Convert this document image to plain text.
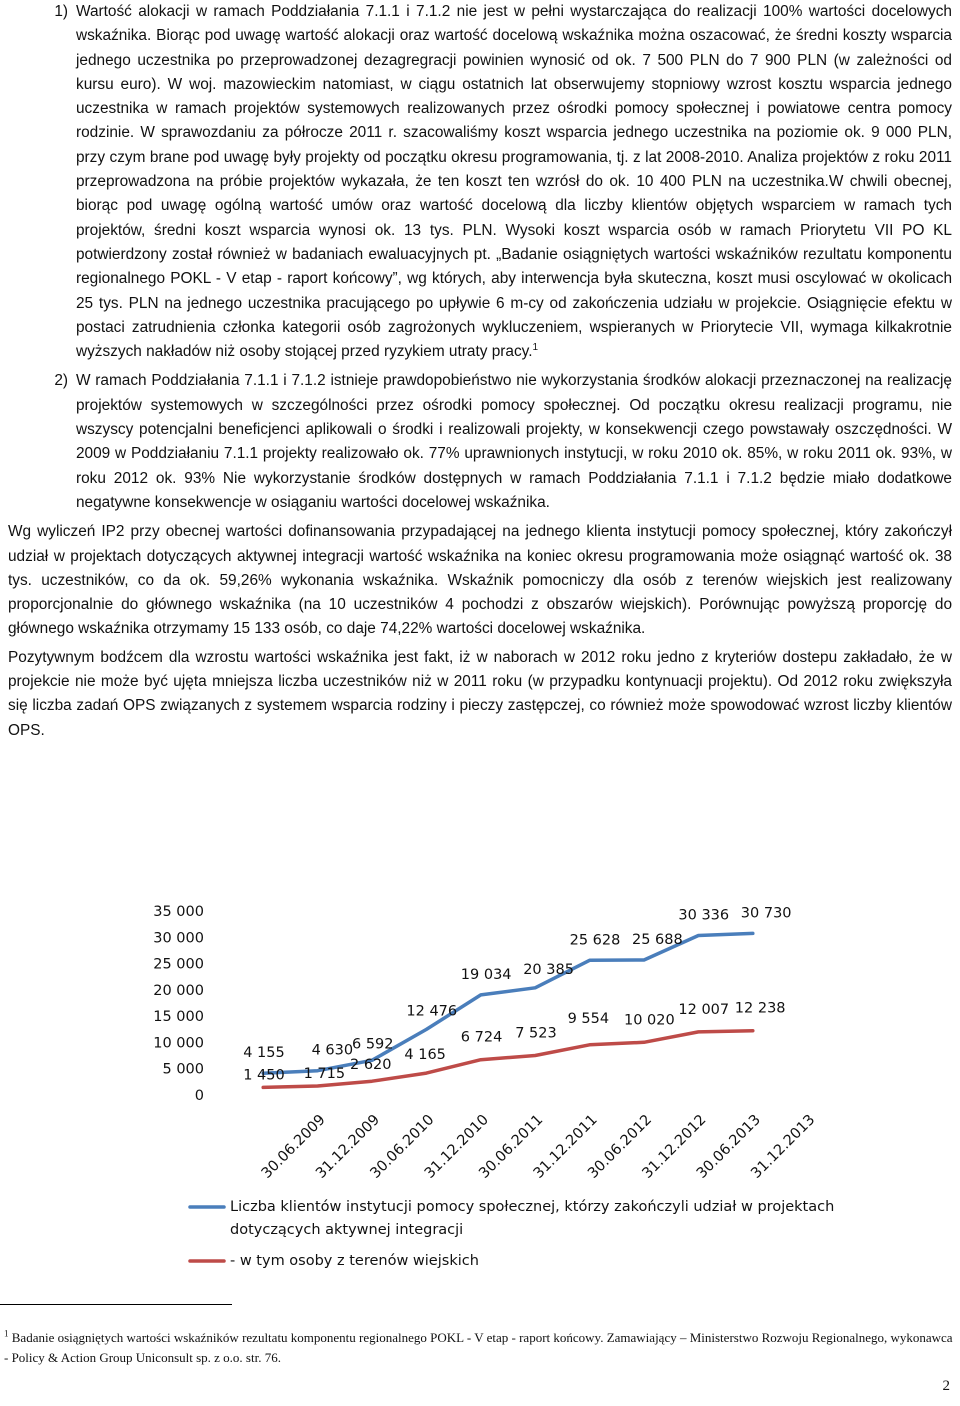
1) Wartość alokacji w ramach Poddziałania 7.1.1 i 7.1.2 nie jest w pełni wystarczająca do realizacji 100% wartości docelowych wskaźnika. Biorąc pod uwagę wartość alokacji oraz wartość docelową wskaźnika można oszacować, że średni koszty wsparcia jednego uczestnika po przeprowadzonej dezagregracji powinien wynosić od ok. 7 500 PLN do 7 900 PLN (w zależności od kursu euro). W woj. mazowieckim natomiast, w ciągu ostatnich lat obserwujemy stopniowy wzrost kosztu wsparcia jednego uczestnika w ramach projektów systemowych realizowanych przez ośrodki pomocy społecznej i powiatowe centra pomocy rodzinie. W sprawozdaniu za półrocze 2011 r. szacowaliśmy koszt wsparcia jednego uczestnika na poziomie ok. 9 000 PLN, przy czym brane pod uwagę były projekty od początku okresu programowania, tj. z lat 2008-2010. Analiza projektów z roku 2011 przeprowadzona na próbie projektów wykazała, że ten koszt ten wzrósł do ok. 10 400 PLN na uczestnika.W chwili obecnej, biorąc pod uwagę ogólną wartość umów oraz wartość docelową dla liczby klientów objętych wsparciem w ramach tych projektów, średni koszt wsparcia wynosi ok. 13 tys. PLN. Wysoki koszt wsparcia osób w ramach Priorytetu VII PO KL potwierdzony został również w badaniach ewaluacyjnych pt. „Badanie osiągniętych wartości wskaźników rezultatu komponentu regionalnego POKL - V etap - raport końcowy”, wg których, aby interwencja była skuteczna, koszt musi oscylować w okolicach 25 tys. PLN na jednego uczestnika pracującego po upływie 6 m-cy od zakończenia udziału w projekcie. Osiągnięcie efektu w postaci zatrudnienia członka kategorii osób zagrożonych wykluczeniem, wspieranych w Priorytecie VII, wymaga kilkakrotnie wyższych nakładów niż osoby stojącej przed ryzykiem utraty pracy.$^1$

2) W ramach Poddziałania 7.1.1 i 7.1.2 istnieje prawdopobieństwo nie wykorzystania środków alokacji przeznaczonej na realizację projektów systemowych w szczególności przez ośrodki pomocy społecznej. Od początku okresu realizacji programu, nie wszyscy potencjalni beneficjenci aplikowali o środki i realizowali projekty, w konsekwencji czego powstawały oszczędności. W 2009 w Poddziałaniu 7.1.1 projekty realizowało ok. 77% uprawnionych instytucji, w roku 2010 ok. 85%, w roku 2011 ok. 93%, w roku 2012 ok. 93% Nie wykorzystanie środków dostępnych w ramach Poddziałania 7.1.1 i 7.1.2 będzie miało dodatkowe negatywne konsekwencje w osiąganiu wartości docelowej wskaźnika.

Wg wyliczeń IP2 przy obecnej wartości dofinansowania przypadającej na jednego klienta instytucji pomocy społecznej, który zakończył udział w projektach dotyczących aktywnej integracji wartość wskaźnika na koniec okresu programowania może osiągnąć wartość ok. 38 tys. uczestników, co da ok. 59,26% wykonania wskaźnika. Wskaźnik pomocniczy dla osób z terenów wiejskich jest realizowany proporcjonalnie do głównego wskaźnika (na 10 uczestników 4 pochodzi z obszarów wiejskich). Porównując powyższą proporcję do głównego wskaźnika otrzymamy 15 133 osób, co daje 74,22% wartości docelowej wskaźnika.

Pozytywnym bodźcem dla wzrostu wartości wskaźnika jest fakt, iż w naborach w 2012 roku jedno z kryteriów dostepu zakładało, że w projekcie nie może być ujęta mniejsza liczba uczestników niż w 2011 roku (w przypadku kontynuacji projektu). Od 2012 roku zwiększyła się liczba zadań OPS związanych z systemem wsparcia rodziny i pieczy zastępczej, co również może spowodować wzrost liczby klientów OPS.

0
5 000
10 000
15 000
20 000
25 000
30 000
35 000
30.06.2009
31.12.2009
30.06.2010
31.12.2010
30.06.2011
31.12.2011
30.06.2012
31.12.2012
30.06.2013
31.12.2013
4 155 4 630
6 592
12 476
19 034 20 385
25 628 25 688
30 336 30 730
1 450 1 715
2 620
4 165
6 724 7 523
9 554 10 020
12 007 12 238
Liczba klientów instytucji pomocy społecznej, którzy zakończyli udział w projektach dotyczących aktywnej integracji
- w tym osoby z terenów wiejskich
$^1$ Badanie osiągniętych wartości wskaźników rezultatu komponentu regionalnego POKL - V etap - raport końcowy. Zamawiający – Ministerstwo Rozwoju Regionalnego, wykonawca - Policy & Action Group Uniconsult sp. z o.o. str. 76.
2
